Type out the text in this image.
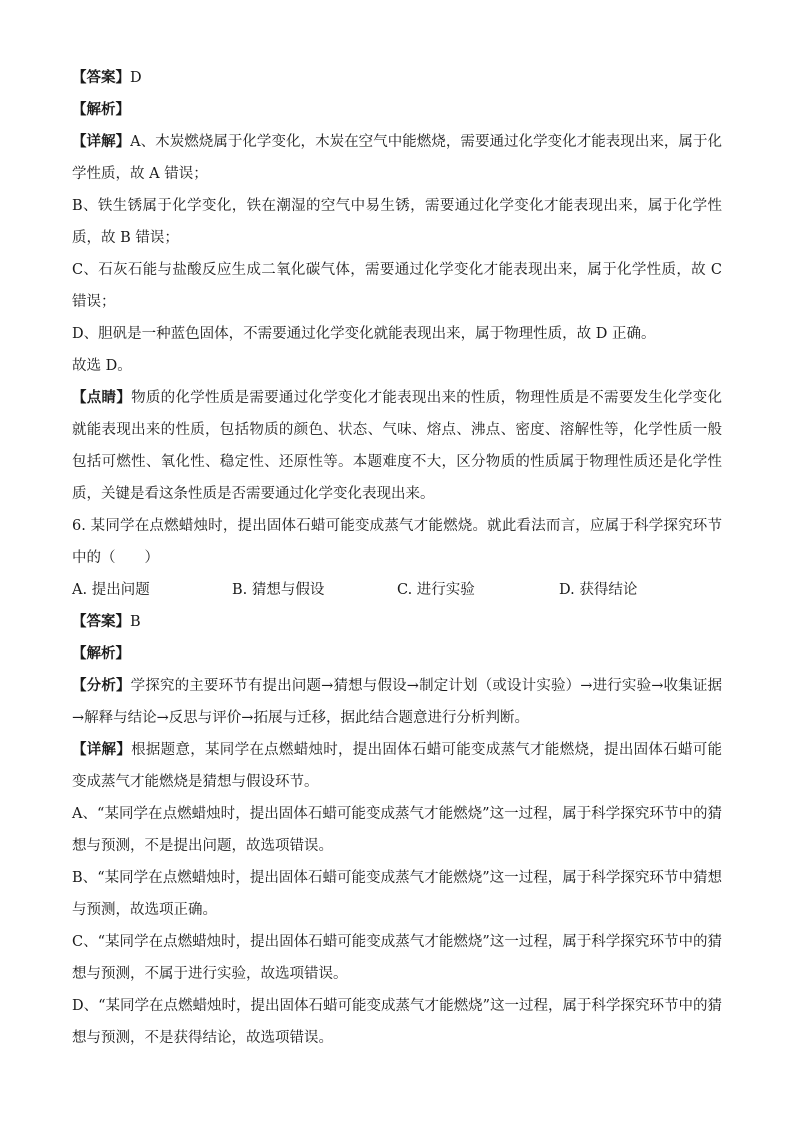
【答案】D

【解析】

【详解】A、木炭燃烧属于化学变化，木炭在空气中能燃烧，需要通过化学变化才能表现出来，属于化学性质，故 A 错误；

B、铁生锈属于化学变化，铁在潮湿的空气中易生锈，需要通过化学变化才能表现出来，属于化学性质，故 B 错误；

C、石灰石能与盐酸反应生成二氧化碳气体，需要通过化学变化才能表现出来，属于化学性质，故 C 错误；

D、胆矾是一种蓝色固体，不需要通过化学变化就能表现出来，属于物理性质，故 D 正确。

故选 D。

【点睛】物质的化学性质是需要通过化学变化才能表现出来的性质，物理性质是不需要发生化学变化就能表现出来的性质，包括物质的颜色、状态、气味、熔点、沸点、密度、溶解性等，化学性质一般包括可燃性、氧化性、稳定性、还原性等。本题难度不大，区分物质的性质属于物理性质还是化学性质，关键是看这条性质是否需要通过化学变化表现出来。

6. 某同学在点燃蜡烛时，提出固体石蜡可能变成蒸气才能燃烧。就此看法而言，应属于科学探究环节中的（　　）

A. 提出问题	B. 猜想与假设	C. 进行实验	D. 获得结论

【答案】B

【解析】

【分析】学探究的主要环节有提出问题→猜想与假设→制定计划（或设计实验）→进行实验→收集证据→解释与结论→反思与评价→拓展与迁移，据此结合题意进行分析判断。

【详解】根据题意，某同学在点燃蜡烛时，提出固体石蜡可能变成蒸气才能燃烧，提出固体石蜡可能变成蒸气才能燃烧是猜想与假设环节。

A、“某同学在点燃蜡烛时，提出固体石蜡可能变成蒸气才能燃烧”这一过程，属于科学探究环节中的猜想与预测，不是提出问题，故选项错误。

B、“某同学在点燃蜡烛时，提出固体石蜡可能变成蒸气才能燃烧”这一过程，属于科学探究环节中猜想与预测，故选项正确。

C、“某同学在点燃蜡烛时，提出固体石蜡可能变成蒸气才能燃烧”这一过程，属于科学探究环节中的猜想与预测，不属于进行实验，故选项错误。

D、“某同学在点燃蜡烛时，提出固体石蜡可能变成蒸气才能燃烧”这一过程，属于科学探究环节中的猜想与预测，不是获得结论，故选项错误。
